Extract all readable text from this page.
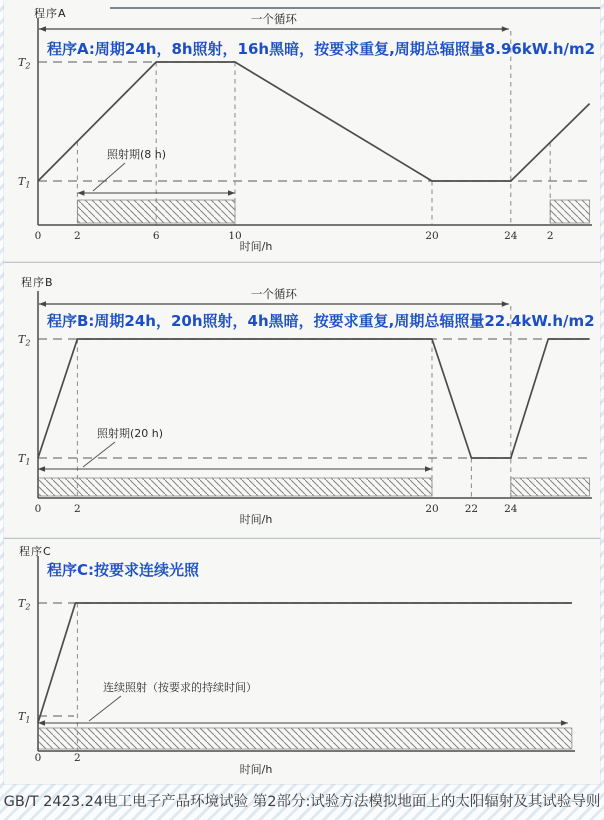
程序A
程序A:周期24h，8h照射，16h黑暗，按要求重复,周期总辐照量8.96kW.h/m2
一个循环
照射期(8 h)
0	2	6	10	20	24	2
时间/h
$T_2$
$T_1$
程序B
程序B:周期24h，20h照射，4h黑暗，按要求重复,周期总辐照量22.4kW.h/m2
一个循环
照射期(20 h)
0	2	20 22 24
时间/h
$T_2$
$T_1$
程序C
程序C:按要求连续光照
连续照射（按要求的持续时间）
0	2
时间/h
$T_2$
$T_1$
GB/T 2423.24电工电子产品环境试验 第2部分:试验方法模拟地面上的太阳辐射及其试验导则
